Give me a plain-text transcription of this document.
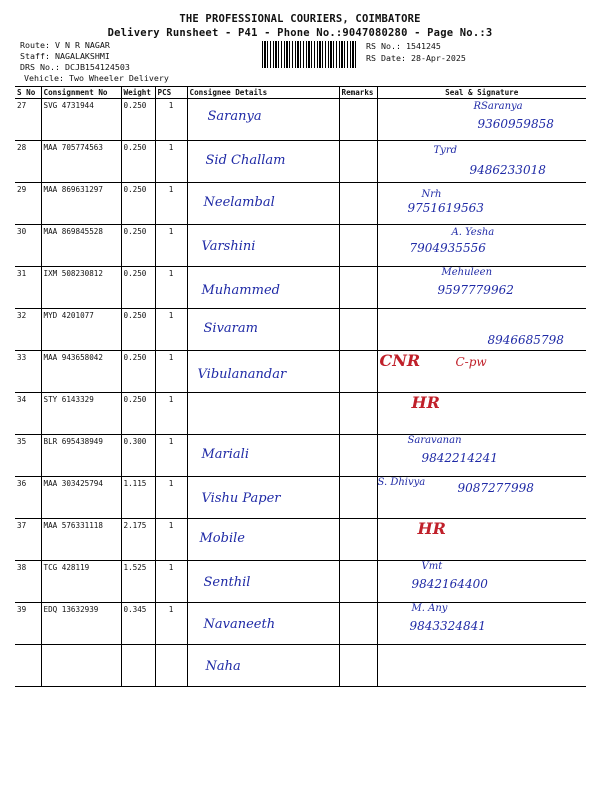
THE PROFESSIONAL COURIERS, COIMBATORE
Delivery Runsheet - P41 - Phone No.:9047080280 - Page No.:3
Route: V N R NAGAR
Staff: NAGALAKSHMI
DRS No.: DCJB154124503
Vehicle: Two Wheeler Delivery
RS No.: 1541245
RS Date: 28-Apr-2025
S No	Consignment No	Weight	PCS	Consignee Details	Remarks	Seal & Signature
27	SVG 4731944	0.250	1	Saranya		RSaranya
9360959858

28	MAA 705774563	0.250	1	Sid Challam		Tyrd
9486233018

29	MAA 869631297	0.250	1	Neelambal		Nrh
9751619563

30	MAA 869845528	0.250	1	Varshini		A. Yesha
7904935556

31	IXM 508230812	0.250	1	Muhammed		Mehuleen
9597779962

32	MYD 4201077	0.250	1	Sivaram		8946685798

33	MAA 943658042	0.250	1	Vibulanandar		CNR C-pw

34	STY 6143329	0.250	1			HR

35	BLR 695438949	0.300	1	Mariali		Saravanan
9842214241

36	MAA 303425794	1.115	1	Vishu Paper		S. Dhivya 9087277998

37	MAA 576331118	2.175	1	Mobile		HR

38	TCG 428119	1.525	1	Senthil		Vmt
9842164400

39	EDQ 13632939	0.345	1	Navaneeth		M. Any
9843324841

				Naha		
